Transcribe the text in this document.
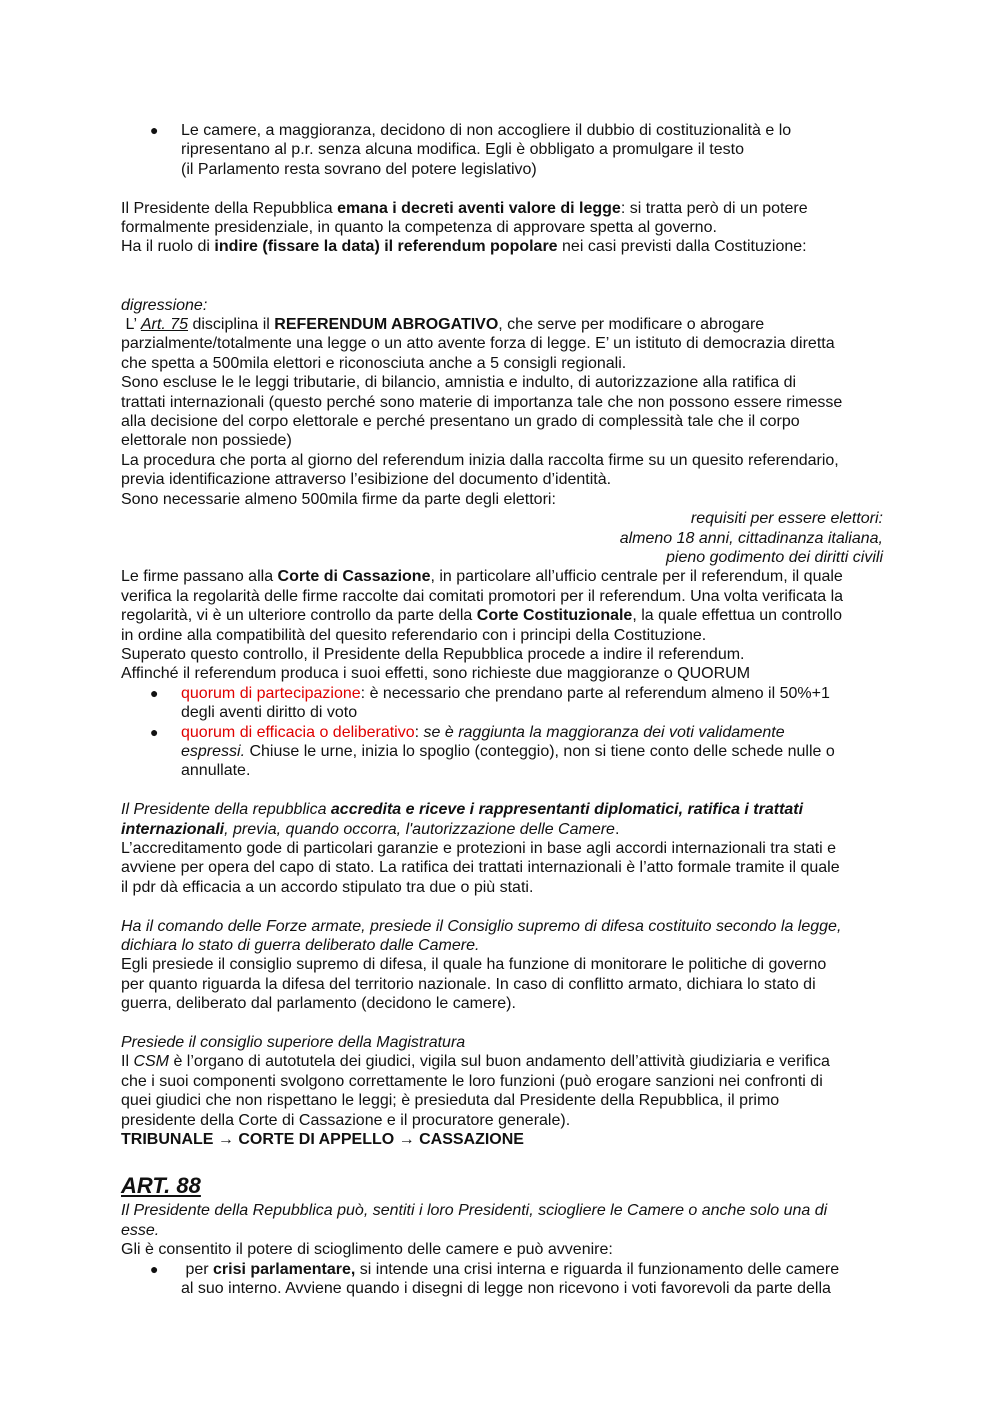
●	Le camere, a maggioranza, decidono di non accogliere il dubbio di costituzionalità e lo

ripresentano al p.r. senza alcuna modifica. Egli è obbligato a promulgare il testo

(il Parlamento resta sovrano del potere legislativo)

Il Presidente della Repubblica emana i decreti aventi valore di legge: si tratta però di un potere

formalmente presidenziale, in quanto la competenza di approvare spetta al governo.

Ha il ruolo di indire (fissare la data) il referendum popolare nei casi previsti dalla Costituzione:

digressione:

L’ Art. 75 disciplina il REFERENDUM ABROGATIVO, che serve per modificare o abrogare

parzialmente/totalmente una legge o un atto avente forza di legge. E’ un istituto di democrazia diretta

che spetta a 500mila elettori e riconosciuta anche a 5 consigli regionali.

Sono escluse le le leggi tributarie, di bilancio, amnistia e indulto, di autorizzazione alla ratifica di

trattati internazionali (questo perché sono materie di importanza tale che non possono essere rimesse

alla decisione del corpo elettorale e perché presentano un grado di complessità tale che il corpo

elettorale non possiede)

La procedura che porta al giorno del referendum inizia dalla raccolta firme su un quesito referendario,

previa identificazione attraverso l’esibizione del documento d’identità.

Sono necessarie almeno 500mila firme da parte degli elettori:

requisiti per essere elettori:

almeno 18 anni, cittadinanza italiana,

pieno godimento dei diritti civili

Le firme passano alla Corte di Cassazione, in particolare all’ufficio centrale per il referendum, il quale

verifica la regolarità delle firme raccolte dai comitati promotori per il referendum. Una volta verificata la

regolarità, vi è un ulteriore controllo da parte della Corte Costituzionale, la quale effettua un controllo

in ordine alla compatibilità del quesito referendario con i principi della Costituzione.

Superato questo controllo, il Presidente della Repubblica procede a indire il referendum.

Affinché il referendum produca i suoi effetti, sono richieste due maggioranze o QUORUM

●	quorum di partecipazione: è necessario che prendano parte al referendum almeno il 50%+1

degli aventi diritto di voto

●	quorum di efficacia o deliberativo: se è raggiunta la maggioranza dei voti validamente

espressi. Chiuse le urne, inizia lo spoglio (conteggio), non si tiene conto delle schede nulle o

annullate.

Il Presidente della repubblica accredita e riceve i rappresentanti diplomatici, ratifica i trattati

internazionali, previa, quando occorra, l'autorizzazione delle Camere.

L’accreditamento gode di particolari garanzie e protezioni in base agli accordi internazionali tra stati e

avviene per opera del capo di stato. La ratifica dei trattati internazionali è l’atto formale tramite il quale

il pdr dà efficacia a un accordo stipulato tra due o più stati.

Ha il comando delle Forze armate, presiede il Consiglio supremo di difesa costituito secondo la legge,

dichiara lo stato di guerra deliberato dalle Camere.

Egli presiede il consiglio supremo di difesa, il quale ha funzione di monitorare le politiche di governo

per quanto riguarda la difesa del territorio nazionale. In caso di conflitto armato, dichiara lo stato di

guerra, deliberato dal parlamento (decidono le camere).

Presiede il consiglio superiore della Magistratura

Il CSM è l’organo di autotutela dei giudici, vigila sul buon andamento dell’attività giudiziaria e verifica

che i suoi componenti svolgono correttamente le loro funzioni (può erogare sanzioni nei confronti di

quei giudici che non rispettano le leggi; è presieduta dal Presidente della Repubblica, il primo

presidente della Corte di Cassazione e il procuratore generale).

TRIBUNALE → CORTE DI APPELLO → CASSAZIONE

ART. 88

Il Presidente della Repubblica può, sentiti i loro Presidenti, sciogliere le Camere o anche solo una di

esse.

Gli è consentito il potere di scioglimento delle camere e può avvenire:

●	per crisi parlamentare, si intende una crisi interna e riguarda il funzionamento delle camere

al suo interno. Avviene quando i disegni di legge non ricevono i voti favorevoli da parte della
